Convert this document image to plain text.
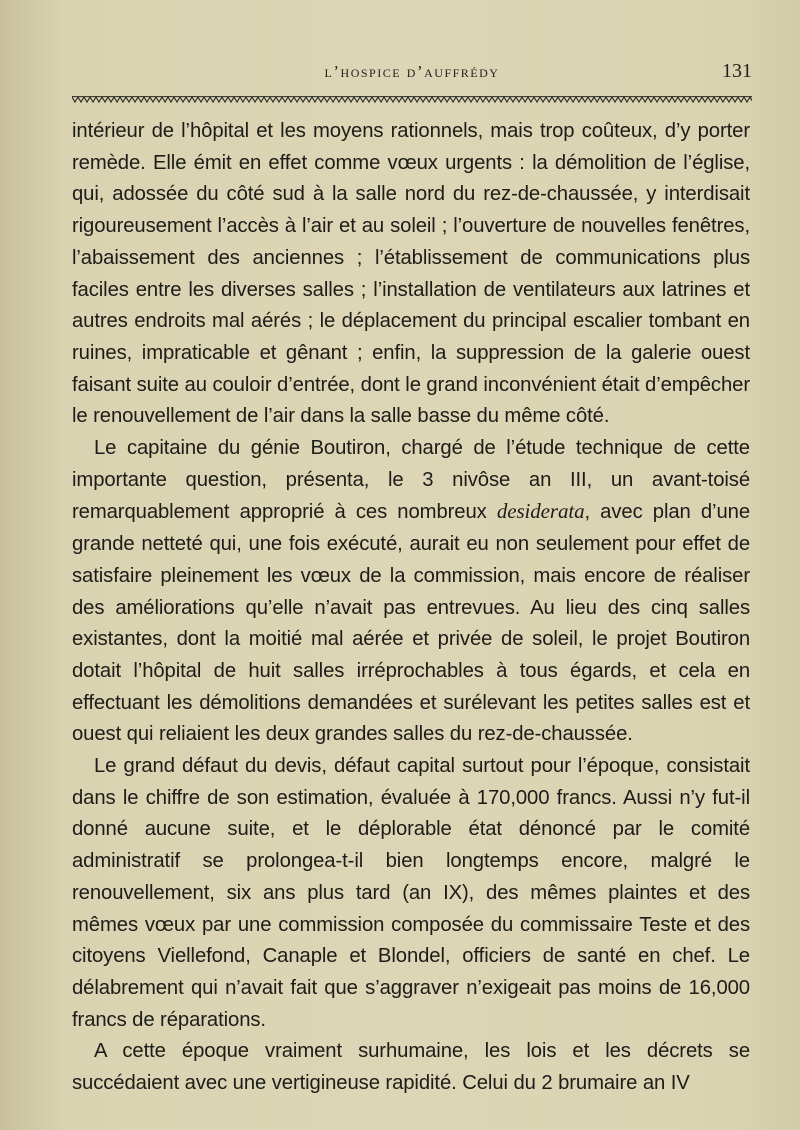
l’hospice d’auffrédy	131

intérieur de l’hôpital et les moyens rationnels, mais trop coûteux, d’y porter remède. Elle émit en effet comme vœux urgents : la démolition de l’église, qui, adossée du côté sud à la salle nord du rez-de-chaussée, y interdisait rigoureusement l’accès à l’air et au soleil ; l’ouverture de nouvelles fenêtres, l’abaissement des anciennes ; l’établissement de communications plus faciles entre les diverses salles ; l’installation de ventilateurs aux latrines et autres endroits mal aérés ; le déplacement du principal escalier tombant en ruines, impraticable et gênant ; enfin, la suppression de la galerie ouest faisant suite au couloir d’entrée, dont le grand inconvénient était d’empêcher le renouvellement de l’air dans la salle basse du même côté.

Le capitaine du génie Boutiron, chargé de l’étude technique de cette importante question, présenta, le 3 nivôse an III, un avant-toisé remarquablement approprié à ces nombreux desiderata, avec plan d’une grande netteté qui, une fois exécuté, aurait eu non seulement pour effet de satisfaire pleinement les vœux de la commission, mais encore de réaliser des améliorations qu’elle n’avait pas entrevues. Au lieu des cinq salles existantes, dont la moitié mal aérée et privée de soleil, le projet Boutiron dotait l’hôpital de huit salles irréprochables à tous égards, et cela en effectuant les démolitions demandées et surélevant les petites salles est et ouest qui reliaient les deux grandes salles du rez-de-chaussée.

Le grand défaut du devis, défaut capital surtout pour l’époque, consistait dans le chiffre de son estimation, évaluée à 170,000 francs. Aussi n’y fut-il donné aucune suite, et le déplorable état dénoncé par le comité administratif se prolongea-t-il bien longtemps encore, malgré le renouvellement, six ans plus tard (an IX), des mêmes plaintes et des mêmes vœux par une commission composée du commissaire Teste et des citoyens Viellefond, Canaple et Blondel, officiers de santé en chef. Le délabrement qui n’avait fait que s’aggraver n’exigeait pas moins de 16,000 francs de réparations.

A cette époque vraiment surhumaine, les lois et les décrets se succédaient avec une vertigineuse rapidité. Celui du 2 brumaire an IV
